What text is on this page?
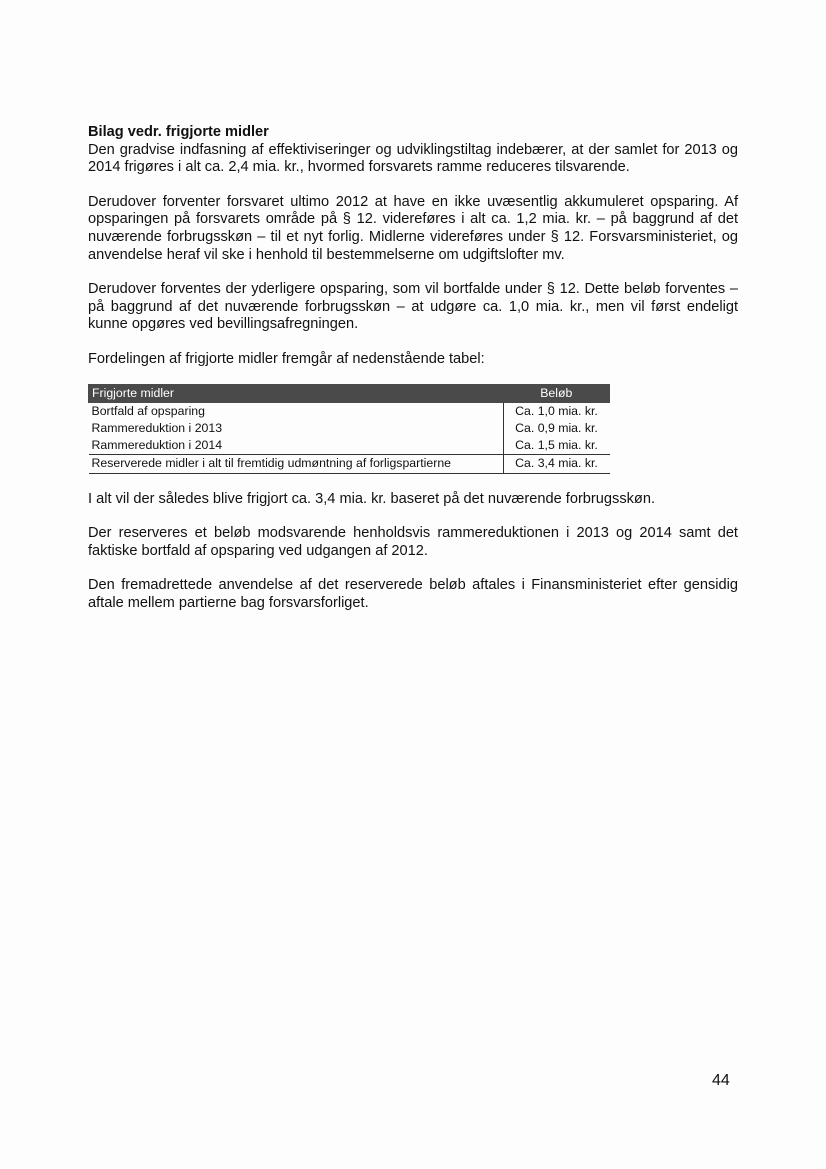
Bilag vedr. frigjorte midler

Den gradvise indfasning af effektiviseringer og udviklingstiltag indebærer, at der samlet for 2013 og 2014 frigøres i alt ca. 2,4 mia. kr., hvormed forsvarets ramme reduceres tilsvarende.

Derudover forventer forsvaret ultimo 2012 at have en ikke uvæsentlig akkumuleret opsparing. Af opsparingen på forsvarets område på § 12. videreføres i alt ca. 1,2 mia. kr. – på baggrund af det nuværende forbrugsskøn – til et nyt forlig. Midlerne videreføres under § 12. Forsvarsministeriet, og anvendelse heraf vil ske i henhold til bestemmelserne om udgiftslofter mv.

Derudover forventes der yderligere opsparing, som vil bortfalde under § 12. Dette beløb forventes – på baggrund af det nuværende forbrugsskøn – at udgøre ca. 1,0 mia. kr., men vil først endeligt kunne opgøres ved bevillingsafregningen.

Fordelingen af frigjorte midler fremgår af nedenstående tabel:

Frigjorte midler	Beløb
Bortfald af opsparing	Ca. 1,0 mia. kr.
Rammereduktion i 2013	Ca. 0,9 mia. kr.
Rammereduktion i 2014	Ca. 1,5 mia. kr.
Reserverede midler i alt til fremtidig udmøntning af forligspartierne	Ca. 3,4 mia. kr.

I alt vil der således blive frigjort ca. 3,4 mia. kr. baseret på det nuværende forbrugsskøn.

Der reserveres et beløb modsvarende henholdsvis rammereduktionen i 2013 og 2014 samt det faktiske bortfald af opsparing ved udgangen af 2012.

Den fremadrettede anvendelse af det reserverede beløb aftales i Finansministeriet efter gensidig aftale mellem partierne bag forsvarsforliget.

44
